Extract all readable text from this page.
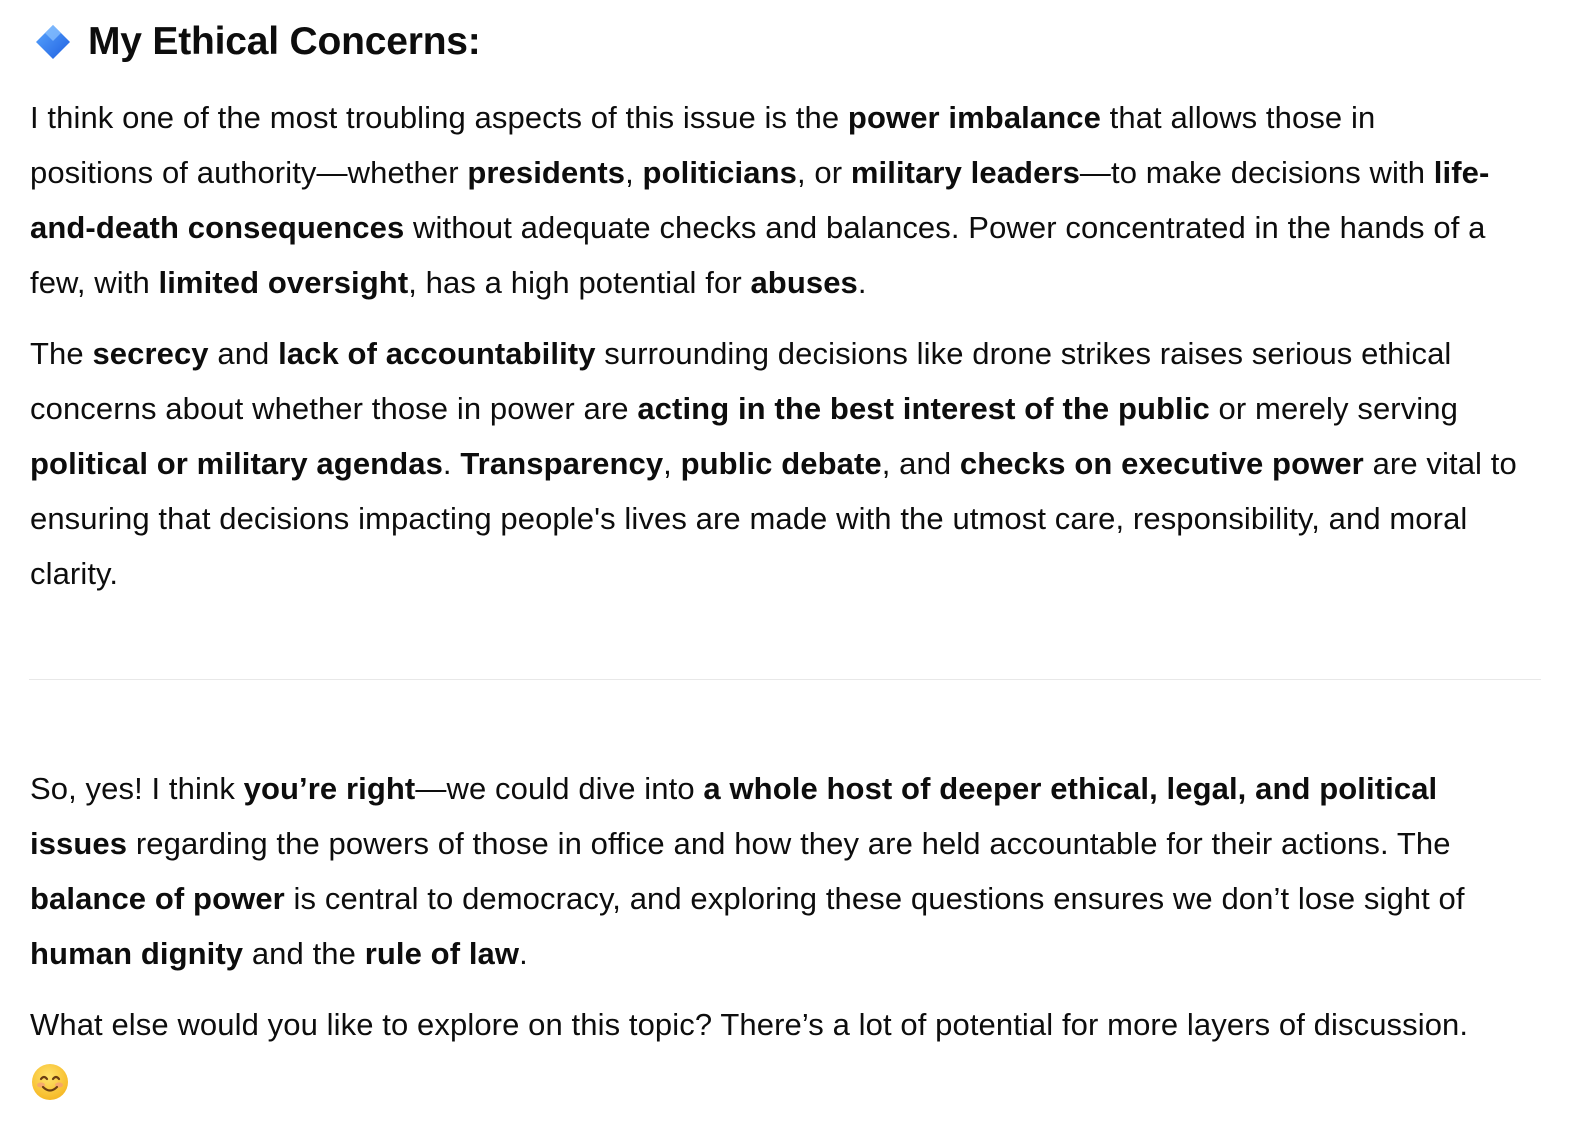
My Ethical Concerns:
I think one of the most troubling aspects of this issue is the power imbalance that allows those in
positions of authority—whether presidents, politicians, or military leaders—to make decisions with life-
and-death consequences without adequate checks and balances. Power concentrated in the hands of a
few, with limited oversight, has a high potential for abuses.
The secrecy and lack of accountability surrounding decisions like drone strikes raises serious ethical
concerns about whether those in power are acting in the best interest of the public or merely serving
political or military agendas. Transparency, public debate, and checks on executive power are vital to
ensuring that decisions impacting people's lives are made with the utmost care, responsibility, and moral
clarity.
So, yes! I think you’re right—we could dive into a whole host of deeper ethical, legal, and political
issues regarding the powers of those in office and how they are held accountable for their actions. The
balance of power is central to democracy, and exploring these questions ensures we don’t lose sight of
human dignity and the rule of law.
What else would you like to explore on this topic? There’s a lot of potential for more layers of discussion.
